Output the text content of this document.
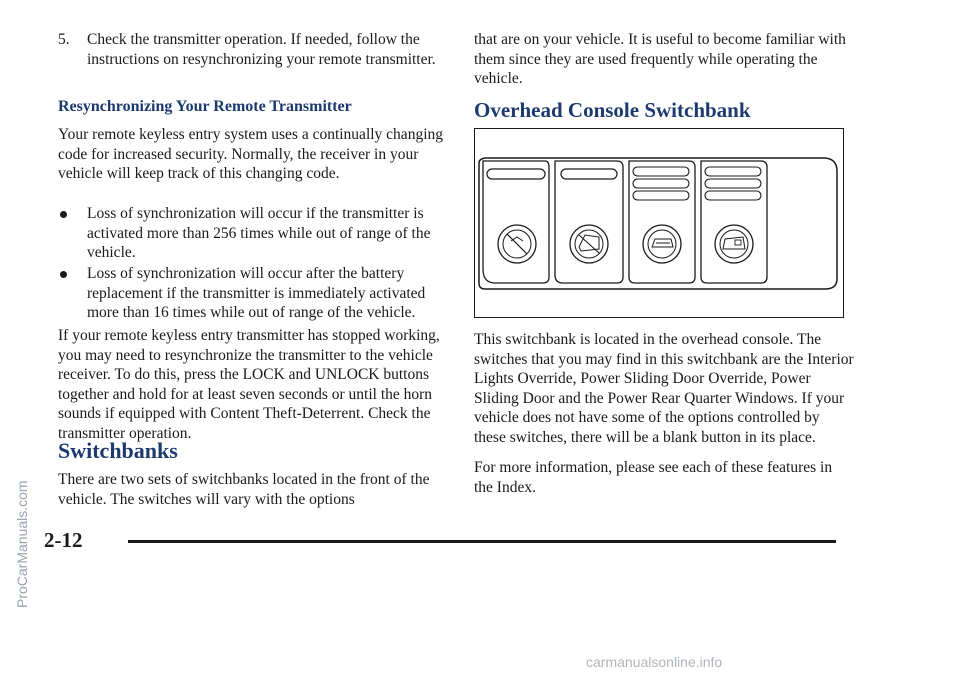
5. Check the transmitter operation. If needed, follow the instructions on resynchronizing your remote transmitter.

Resynchronizing Your Remote Transmitter

Your remote keyless entry system uses a continually changing code for increased security. Normally, the receiver in your vehicle will keep track of this changing code.

Loss of synchronization will occur if the transmitter is activated more than 256 times while out of range of the vehicle.

Loss of synchronization will occur after the battery replacement if the transmitter is immediately activated more than 16 times while out of range of the vehicle.

If your remote keyless entry transmitter has stopped working, you may need to resynchronize the transmitter to the vehicle receiver. To do this, press the LOCK and UNLOCK buttons together and hold for at least seven seconds or until the horn sounds if equipped with Content Theft-Deterrent. Check the transmitter operation.

Switchbanks

There are two sets of switchbanks located in the front of the vehicle. The switches will vary with the options

that are on your vehicle. It is useful to become familiar with them since they are used frequently while operating the vehicle.

Overhead Console Switchbank

This switchbank is located in the overhead console. The switches that you may find in this switchbank are the Interior Lights Override, Power Sliding Door Override, Power Sliding Door and the Power Rear Quarter Windows. If your vehicle does not have some of the options controlled by these switches, there will be a blank button in its place.

For more information, please see each of these features in the Index.

2-12
ProCarManuals.com
carmanualsonline.info
